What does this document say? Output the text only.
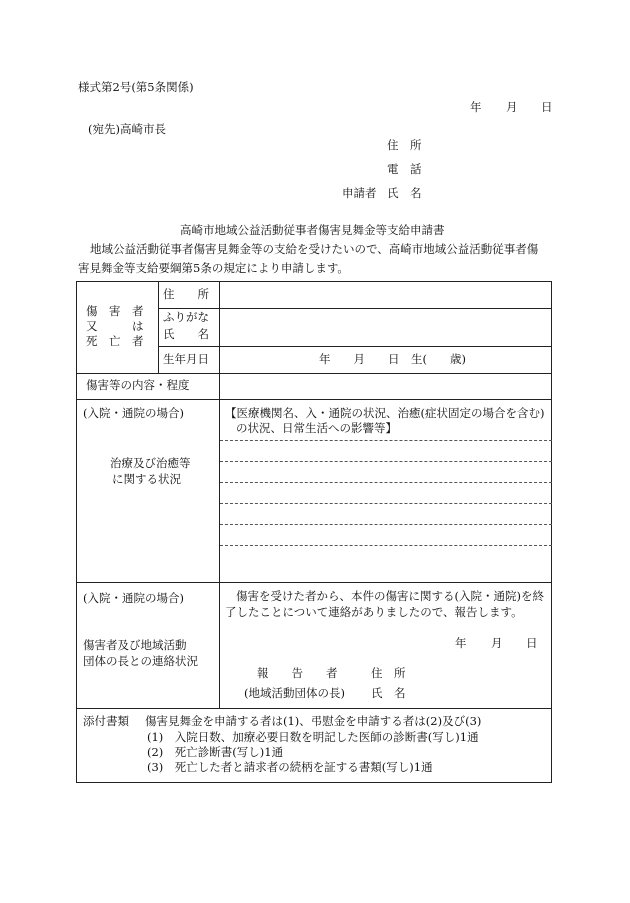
様式第2号(第5条関係)
年 月 日
(宛先)高崎市長
住　所
電　話
申請者 氏　名
高崎市地域公益活動従事者傷害見舞金等支給申請書
地域公益活動従事者傷害見舞金等の支給を受けたいので、高崎市地域公益活動従事者傷
害見舞金等支給要綱第5条の規定により申請します。
傷　害　者
又　　　は
死　亡　者
住　　所
ふりがな
氏　　名
生年月日	年　　月　　日　生(　　歳)
傷害等の内容・程度
(入院・通院の場合)
治療及び治癒等
に関する状況
【医療機関名、入・通院の状況、治癒(症状固定の場合を含む)
の状況、日常生活への影響等】
(入院・通院の場合)
傷害者及び地域活動
団体の長との連絡状況
傷害を受けた者から、本件の傷害に関する(入院・通院)を終
了したことについて連絡がありましたので、報告します。
年 月 日
報　　告　　者	住　所
(地域活動団体の長) 氏　名
添付書類 傷害見舞金を申請する者は(1)、弔慰金を申請する者は(2)及び(3)
(1)　入院日数、加療必要日数を明記した医師の診断書(写し)1通
(2)　死亡診断書(写し)1通
(3)　死亡した者と請求者の続柄を証する書類(写し)1通
